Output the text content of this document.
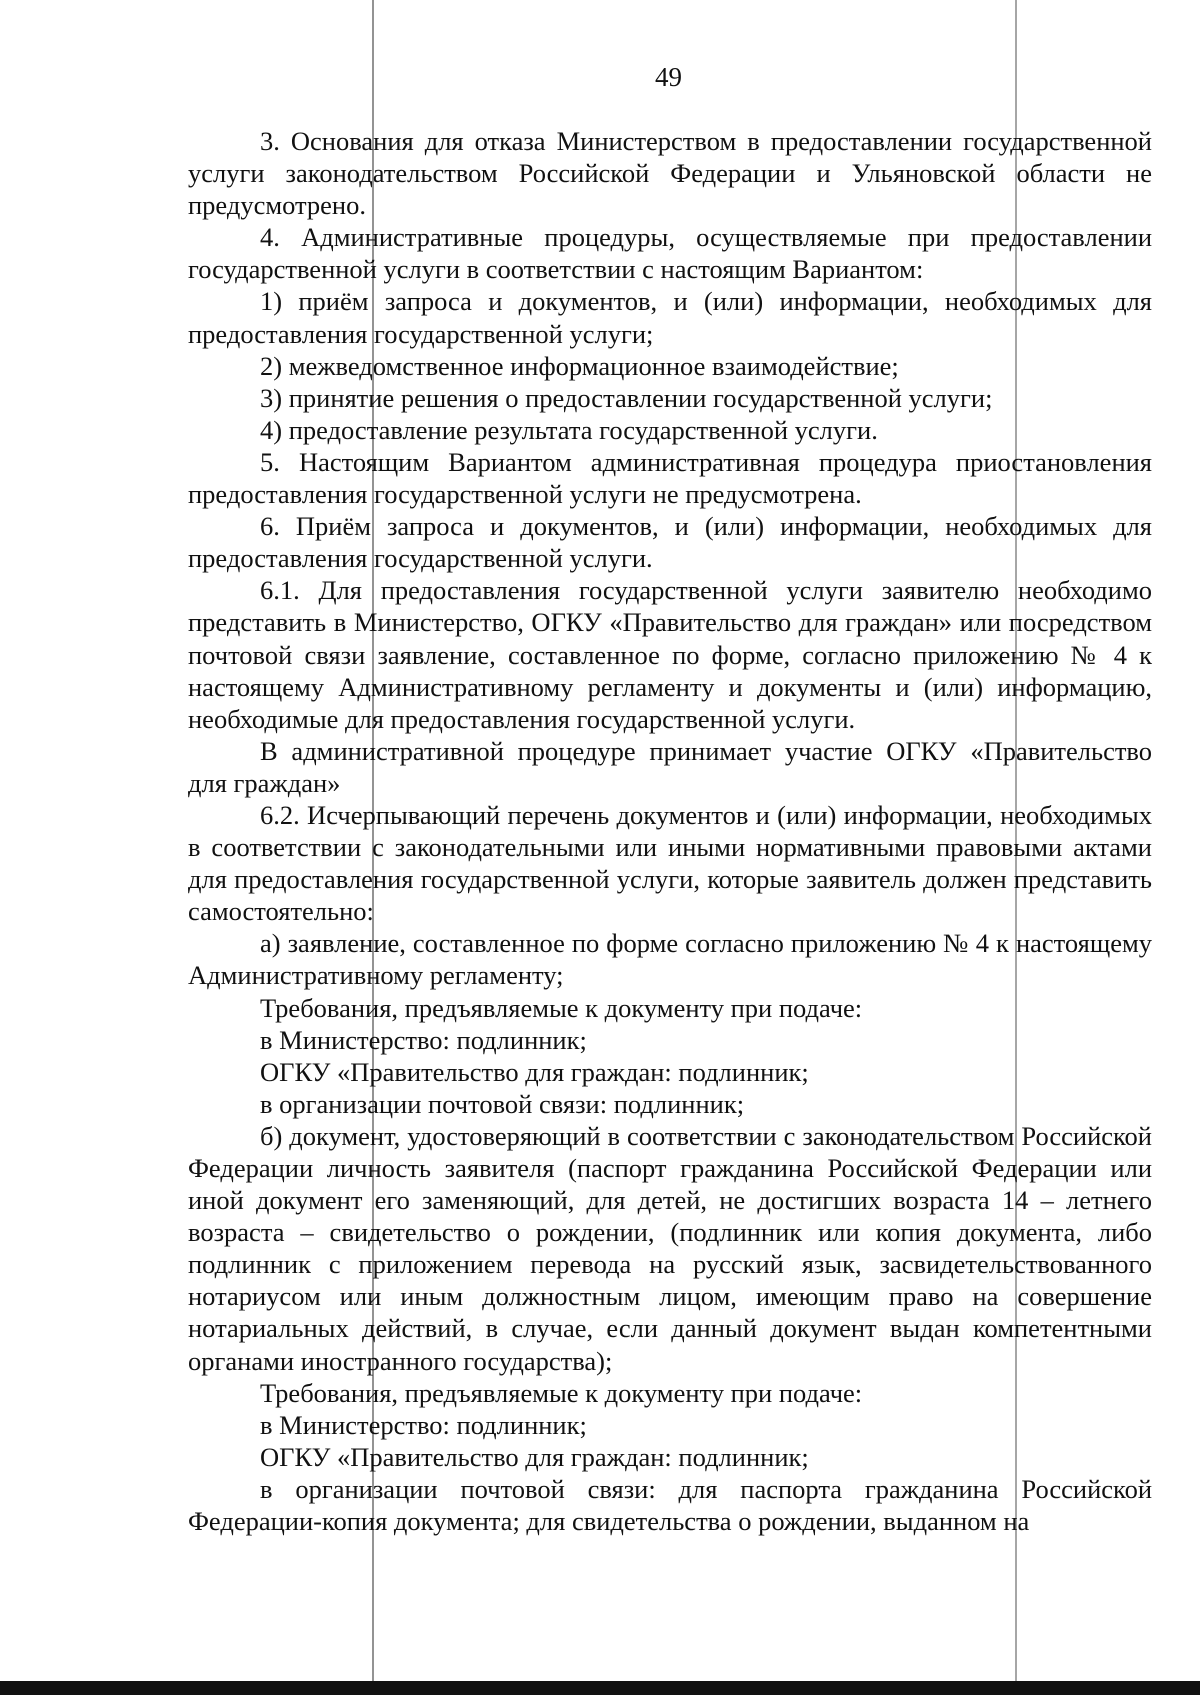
49

3. Основания для отказа Министерством в предоставлении государственной услуги законодательством Российской Федерации и Ульяновской области не предусмотрено.

4. Административные процедуры, осуществляемые при предоставлении государственной услуги в соответствии с настоящим Вариантом:

1) приём запроса и документов, и (или) информации, необходимых для предоставления государственной услуги;

2) межведомственное информационное взаимодействие;

3) принятие решения о предоставлении государственной услуги;

4) предоставление результата государственной услуги.

5. Настоящим Вариантом административная процедура приостановления предоставления государственной услуги не предусмотрена.

6. Приём запроса и документов, и (или) информации, необходимых для предоставления государственной услуги.

6.1. Для предоставления государственной услуги заявителю необходимо представить в Министерство, ОГКУ «Правительство для граждан» или посредством почтовой связи заявление, составленное по форме, согласно приложению № 4 к настоящему Административному регламенту и документы и (или) информацию, необходимые для предоставления государственной услуги.

В административной процедуре принимает участие ОГКУ «Правительство для граждан»

6.2. Исчерпывающий перечень документов и (или) информации, необходимых в соответствии с законодательными или иными нормативными правовыми актами для предоставления государственной услуги, которые заявитель должен представить самостоятельно:

а) заявление, составленное по форме согласно приложению № 4 к настоящему Административному регламенту;

Требования, предъявляемые к документу при подаче:

в Министерство: подлинник;

ОГКУ «Правительство для граждан: подлинник;

в организации почтовой связи: подлинник;

б) документ, удостоверяющий в соответствии с законодательством Российской Федерации личность заявителя (паспорт гражданина Российской Федерации или иной документ его заменяющий, для детей, не достигших возраста 14 – летнего возраста – свидетельство о рождении, (подлинник или копия документа, либо подлинник с приложением перевода на русский язык, засвидетельствованного нотариусом или иным должностным лицом, имеющим право на совершение нотариальных действий, в случае, если данный документ выдан компетентными органами иностранного государства);

Требования, предъявляемые к документу при подаче:

в Министерство: подлинник;

ОГКУ «Правительство для граждан: подлинник;

в организации почтовой связи: для паспорта гражданина Российской Федерации-копия документа; для свидетельства о рождении, выданном на
